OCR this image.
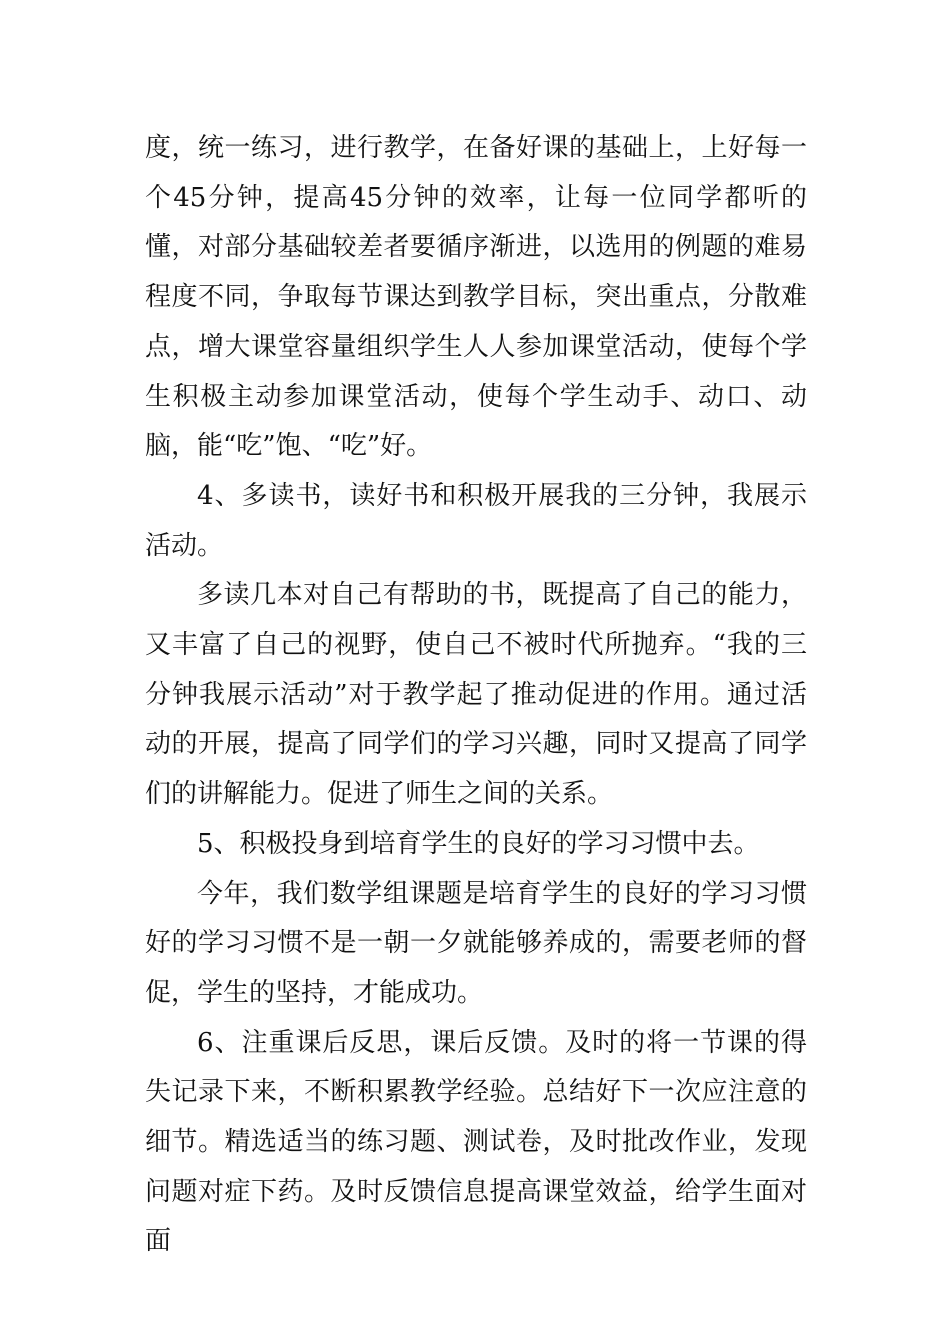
度，统一练习，进行教学，在备好课的基础上，上好每一个45分钟，提高45分钟的效率，让每一位同学都听的懂，对部分基础较差者要循序渐进，以选用的例题的难易程度不同，争取每节课达到教学目标，突出重点，分散难点，增大课堂容量组织学生人人参加课堂活动，使每个学生积极主动参加课堂活动，使每个学生动手、动口、动脑，能“吃”饱、“吃”好。

4、多读书，读好书和积极开展我的三分钟，我展示活动。

多读几本对自己有帮助的书，既提高了自己的能力，又丰富了自己的视野，使自己不被时代所抛弃。“我的三分钟我展示活动”对于教学起了推动促进的作用。通过活动的开展，提高了同学们的学习兴趣，同时又提高了同学们的讲解能力。促进了师生之间的关系。

5、积极投身到培育学生的良好的学习习惯中去。

今年，我们数学组课题是培育学生的良好的学习习惯好的学习习惯不是一朝一夕就能够养成的，需要老师的督促，学生的坚持，才能成功。

6、注重课后反思，课后反馈。及时的将一节课的得失记录下来，不断积累教学经验。总结好下一次应注意的细节。精选适当的练习题、测试卷，及时批改作业，发现问题对症下药。及时反馈信息提高课堂效益，给学生面对面
